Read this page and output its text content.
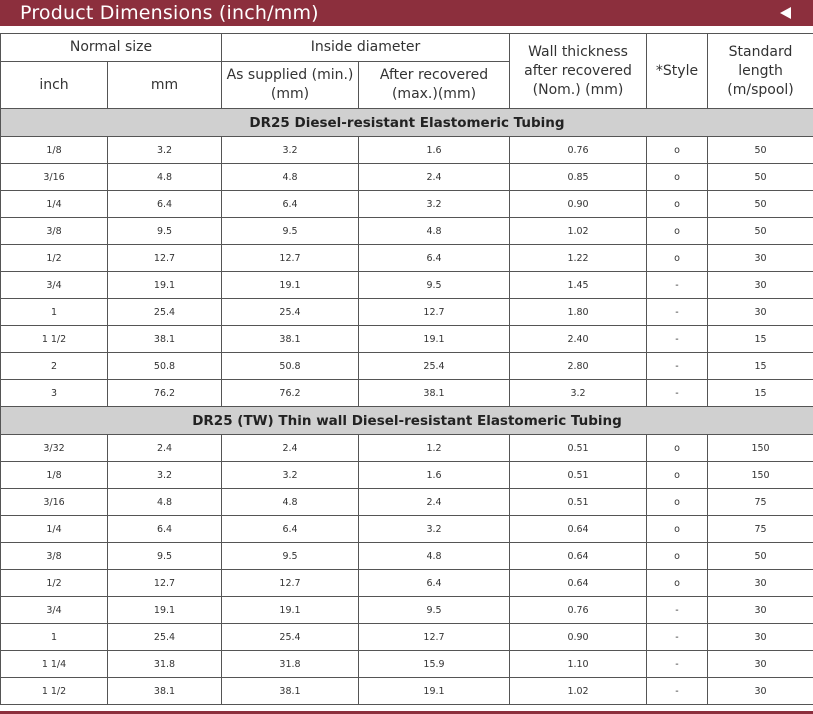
Product Dimensions (inch/mm)
Normal size		Inside diameter		Wall thickness after recovered (Nom.) (mm)	*Style	Standard length (m/spool)
inch	mm	As supplied (min.)(mm)	After recovered (max.)(mm)			
DR25 Diesel-resistant Elastomeric Tubing						
1/8	3.2	3.2	1.6	0.76	o	50
3/16	4.8	4.8	2.4	0.85	o	50
1/4	6.4	6.4	3.2	0.90	o	50
3/8	9.5	9.5	4.8	1.02	o	50
1/2	12.7	12.7	6.4	1.22	o	30
3/4	19.1	19.1	9.5	1.45	-	30
1	25.4	25.4	12.7	1.80	-	30
1 1/2	38.1	38.1	19.1	2.40	-	15
2	50.8	50.8	25.4	2.80	-	15
3	76.2	76.2	38.1	3.2	-	15
DR25 (TW) Thin wall Diesel-resistant Elastomeric Tubing						
3/32	2.4	2.4	1.2	0.51	o	150
1/8	3.2	3.2	1.6	0.51	o	150
3/16	4.8	4.8	2.4	0.51	o	75
1/4	6.4	6.4	3.2	0.64	o	75
3/8	9.5	9.5	4.8	0.64	o	50
1/2	12.7	12.7	6.4	0.64	o	30
3/4	19.1	19.1	9.5	0.76	-	30
1	25.4	25.4	12.7	0.90	-	30
1 1/4	31.8	31.8	15.9	1.10	-	30
1 1/2	38.1	38.1	19.1	1.02	-	30
